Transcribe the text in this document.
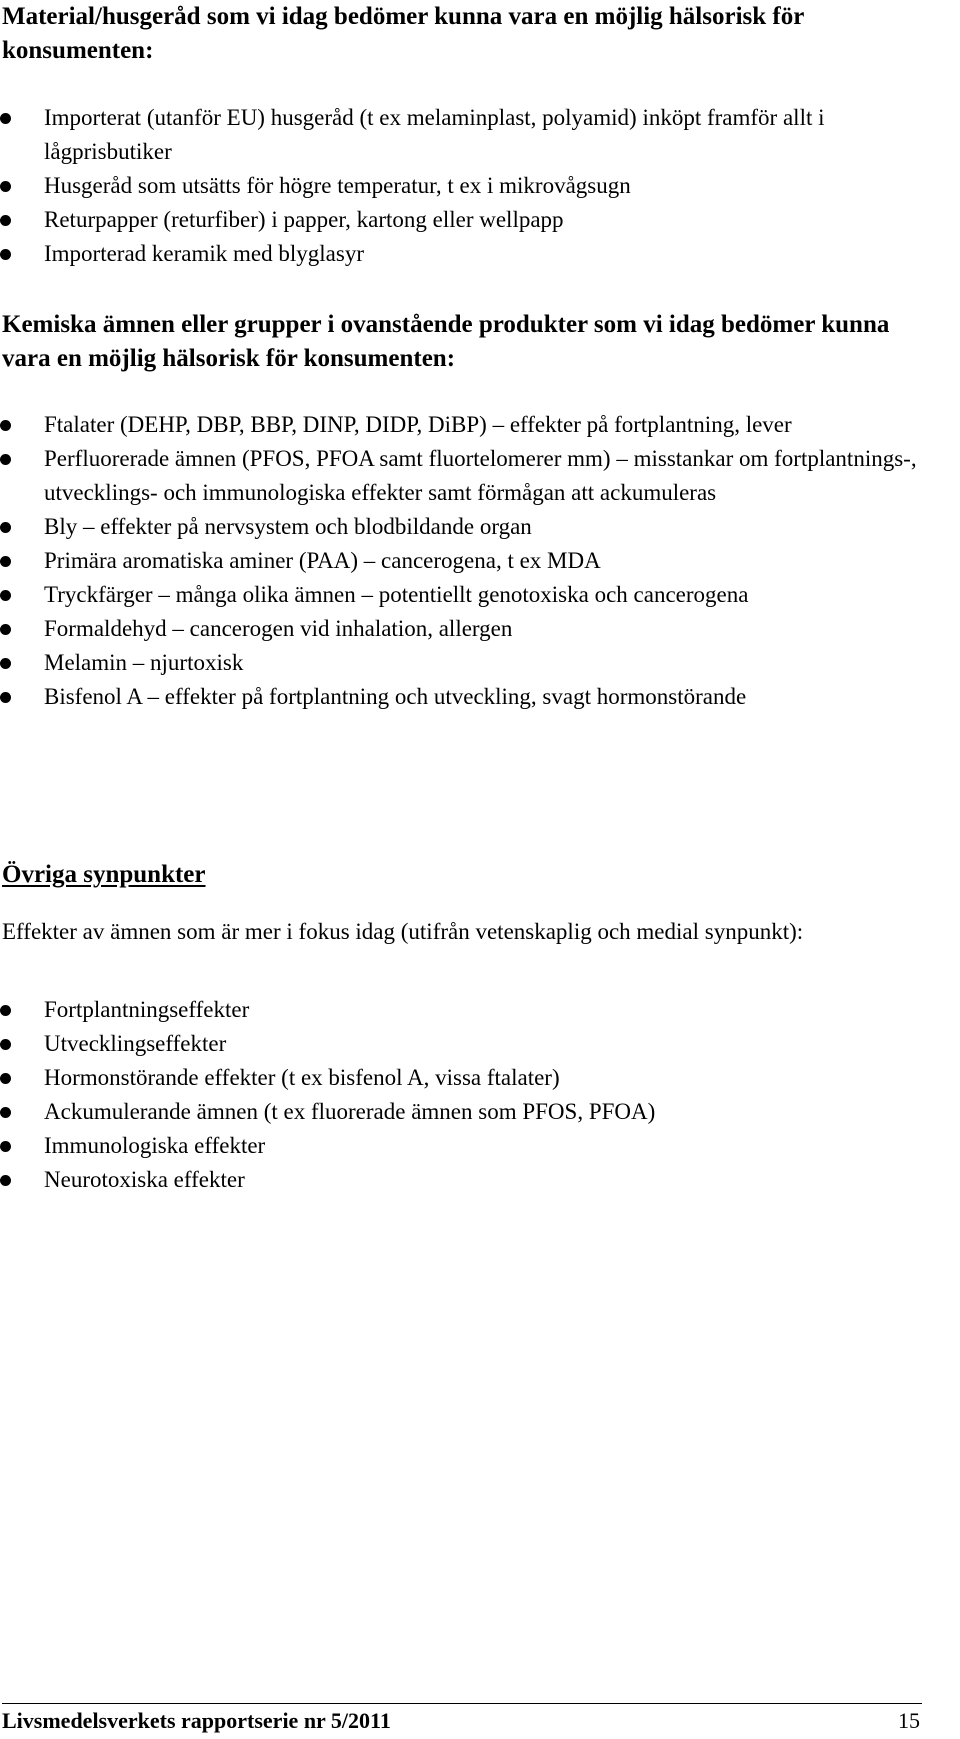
Material/husgeråd som vi idag bedömer kunna vara en möjlig hälsorisk för konsumenten:
Importerat (utanför EU) husgeråd (t ex melaminplast, polyamid) inköpt framför allt i lågprisbutiker
Husgeråd som utsätts för högre temperatur, t ex i mikrovågsugn
Returpapper (returfiber) i papper, kartong eller wellpapp
Importerad keramik med blyglasyr
Kemiska ämnen eller grupper i ovanstående produkter som vi idag bedömer kunna vara en möjlig hälsorisk för konsumenten:
Ftalater (DEHP, DBP, BBP, DINP, DIDP, DiBP) – effekter på fortplantning, lever
Perfluorerade ämnen (PFOS, PFOA samt fluortelomerer mm) – misstankar om fortplantnings-, utvecklings- och immunologiska effekter samt förmågan att ackumuleras
Bly – effekter på nervsystem och blodbildande organ
Primära aromatiska aminer (PAA) – cancerogena, t ex MDA
Tryckfärger – många olika ämnen – potentiellt genotoxiska och cancerogena
Formaldehyd – cancerogen vid inhalation, allergen
Melamin – njurtoxisk
Bisfenol A – effekter på fortplantning och utveckling, svagt hormonstörande
Övriga synpunkter

Effekter av ämnen som är mer i fokus idag (utifrån vetenskaplig och medial synpunkt):

Fortplantningseffekter
Utvecklingseffekter
Hormonstörande effekter (t ex bisfenol A, vissa ftalater)
Ackumulerande ämnen (t ex fluorerade ämnen som PFOS, PFOA)
Immunologiska effekter
Neurotoxiska effekter
Livsmedelsverkets rapportserie nr 5/2011	15
